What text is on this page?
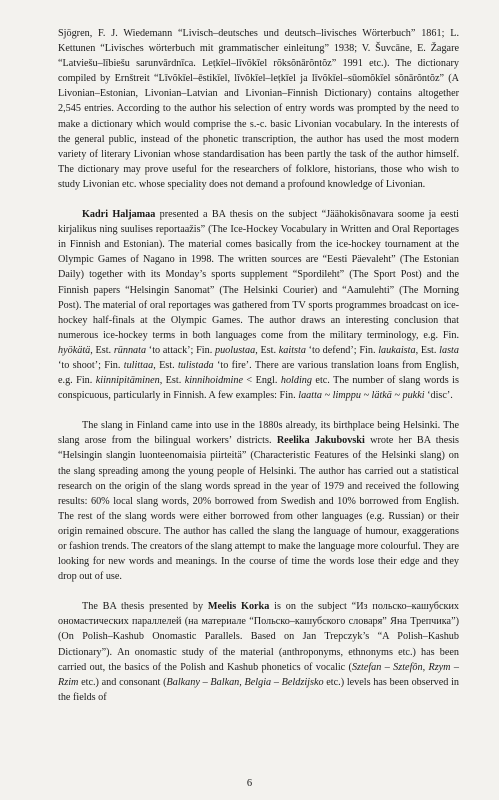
Sjögren, F. J. Wiedemann “Livisch–deutsches und deutsch–livisches Wörterbuch” 1861; L. Kettunen “Livisches wörterbuch mit grammatischer einleitung” 1938; V. Šuvcāne, E. Žagare “Latviešu–lībiešu sarunvārdnīca. Leṭkīel–līvõkīel rõksõnārõntõz” 1991 etc.). The dictionary compiled by Ernštreit “Līvõkīel–ēstikīel, līvõkīel–leṭkīel ja līvõkīel–sūomõkīel sõnārõntõz” (A Livonian–Estonian, Livonian–Latvian and Livonian–Finnish Dictionary) contains altogether 2,545 entries. According to the author his selection of entry words was prompted by the need to make a dictionary which would comprise the s.-c. basic Livonian vocabulary. In the interests of the general public, instead of the phonetic transcription, the author has used the most modern variety of literary Livonian whose standardisation has been partly the task of the author himself. The dictionary may prove useful for the researchers of folklore, historians, those who wish to study Livonian etc. whose speciality does not demand a profound knowledge of Livonian.

Kadri Haljamaa presented a BA thesis on the subject “Jäähokisõnavara soome ja eesti kirjalikus ning suulises reportaažis” (The Ice-Hockey Vocabulary in Written and Oral Reportages in Finnish and Estonian). The material comes basically from the ice-hockey tournament at the Olympic Games of Nagano in 1998. The written sources are “Eesti Päevaleht” (The Estonian Daily) together with its Monday’s sports supplement “Spordileht” (The Sport Post) and the Finnish papers “Helsingin Sanomat” (The Helsinki Courier) and “Aamulehti” (The Morning Post). The material of oral reportages was gathered from TV sports programmes broadcast on ice-hockey half-finals at the Olympic Games. The author draws an interesting conclusion that numerous ice-hockey terms in both languages come from the military terminology, e.g. Fin. hyökätä, Est. rünnata ‘to attack’; Fin. puolustaa, Est. kaitsta ‘to defend’; Fin. laukaista, Est. lasta ‘to shoot’; Fin. tulittaa, Est. tulistada ‘to fire’. There are various translation loans from English, e.g. Fin. kiinnipitäminen, Est. kinnihoidmine < Engl. holding etc. The number of slang words is conspicuous, particularly in Finnish. A few examples: Fin. laatta ~ limppu ~ lätkä ~ pukki ‘disc’.

The slang in Finland came into use in the 1880s already, its birthplace being Helsinki. The slang arose from the bilingual workers’ districts. Reelika Jakubovski wrote her BA thesis “Helsingin slangin luonteenomaisia piirteitä” (Characteristic Features of the Helsinki slang) on the slang spreading among the young people of Helsinki. The author has carried out a statistical research on the origin of the slang words spread in the year of 1979 and received the following results: 60% local slang words, 20% borrowed from Swedish and 10% borrowed from English. The rest of the slang words were either borrowed from other languages (e.g. Russian) or their origin remained obscure. The author has called the slang the language of humour, exaggerations or fashion trends. The creators of the slang attempt to make the language more colourful. They are looking for new words and meanings. In the course of time the words lose their edge and they drop out of use.

The BA thesis presented by Meelis Korka is on the subject “Из польско–кашубских ономастических параллелей (на материале “Польско–кашубского словаря” Яна Трепчика”) (On Polish–Kashub Onomastic Parallels. Based on Jan Trepczyk’s “A Polish–Kashub Dictionary”). An onomastic study of the material (anthroponyms, ethnonyms etc.) has been carried out, the basics of the Polish and Kashub phonetics of vocalic (Sztefan – Sztefôn, Rzym – Rzim etc.) and consonant (Balkany – Balkan, Belgia – Beldzijsko etc.) levels has been observed in the fields of

6
